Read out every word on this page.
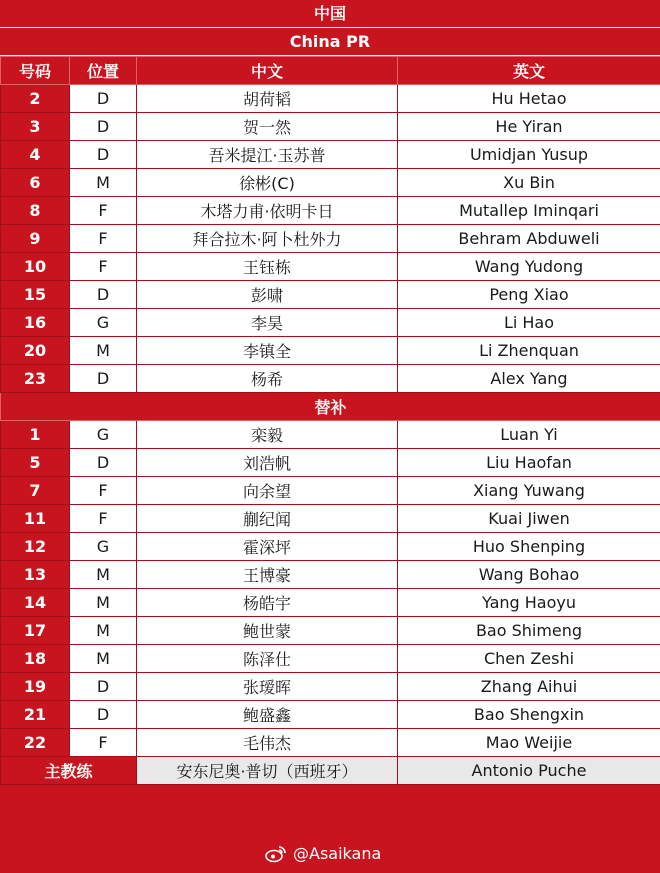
中国
China PR
号码	位置	中文	英文
2	D	胡荷韬	Hu Hetao
3	D	贺一然	He Yiran
4	D	吾米提江·玉苏普	Umidjan Yusup
6	M	徐彬(C)	Xu Bin
8	F	木塔力甫·依明卡日	Mutallep Iminqari
9	F	拜合拉木·阿卜杜外力	Behram Abduweli
10	F	王钰栋	Wang Yudong
15	D	彭啸	Peng Xiao
16	G	李昊	Li Hao
20	M	李镇全	Li Zhenquan
23	D	杨希	Alex Yang
替补			
1	G	栾毅	Luan Yi
5	D	刘浩帆	Liu Haofan
7	F	向余望	Xiang Yuwang
11	F	蒯纪闻	Kuai Jiwen
12	G	霍深坪	Huo Shenping
13	M	王博豪	Wang Bohao
14	M	杨皓宇	Yang Haoyu
17	M	鲍世蒙	Bao Shimeng
18	M	陈泽仕	Chen Zeshi
19	D	张瑷晖	Zhang Aihui
21	D	鲍盛鑫	Bao Shengxin
22	F	毛伟杰	Mao Weijie
主教练		安东尼奥·普切（西班牙）	Antonio Puche
@Asaikana
